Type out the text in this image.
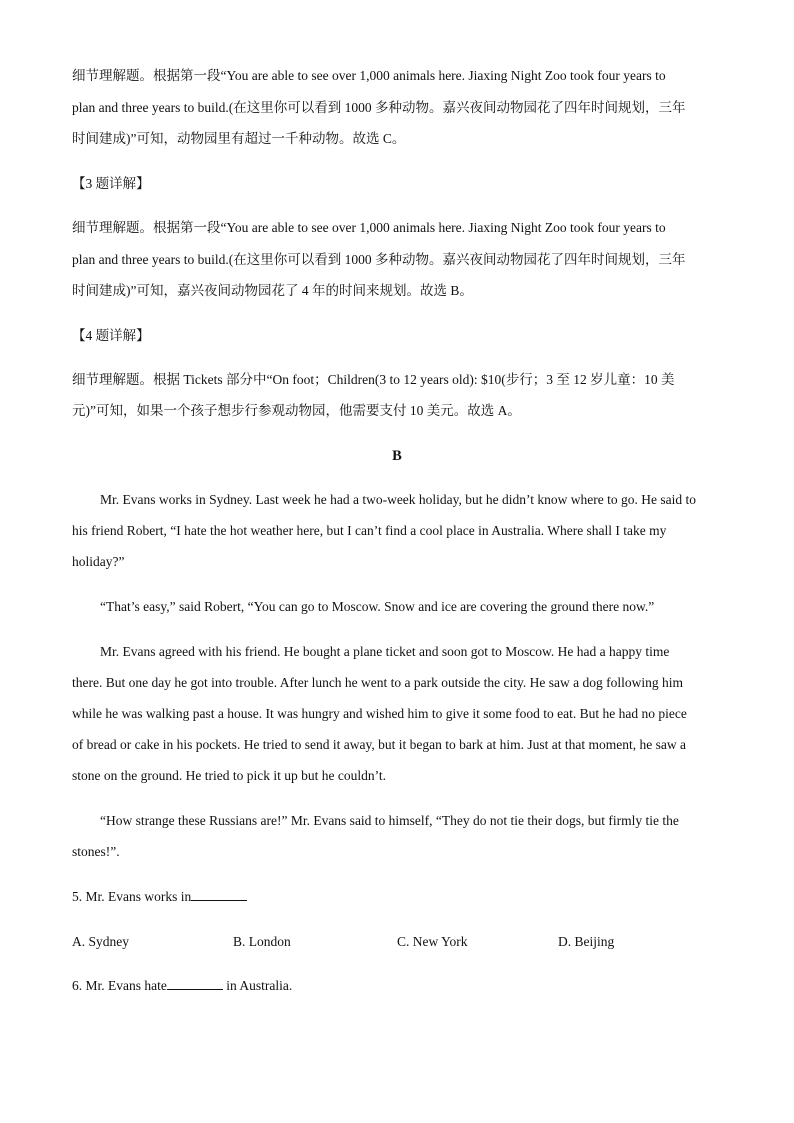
细节理解题。根据第一段“You are able to see over 1,000 animals here. Jiaxing Night Zoo took four years to
plan and three years to build.(在这里你可以看到 1000 多种动物。嘉兴夜间动物园花了四年时间规划，三年
时间建成)”可知，动物园里有超过一千种动物。故选 C。
【3 题详解】
细节理解题。根据第一段“You are able to see over 1,000 animals here. Jiaxing Night Zoo took four years to
plan and three years to build.(在这里你可以看到 1000 多种动物。嘉兴夜间动物园花了四年时间规划，三年
时间建成)”可知，嘉兴夜间动物园花了 4 年的时间来规划。故选 B。
【4 题详解】
细节理解题。根据 Tickets 部分中“On foot；Children(3 to 12 years old): $10(步行；3 至 12 岁儿童：10 美
元)”可知，如果一个孩子想步行参观动物园，他需要支付 10 美元。故选 A。
B
Mr. Evans works in Sydney. Last week he had a two-week holiday, but he didn’t know where to go. He said to
his friend Robert, “I hate the hot weather here, but I can’t find a cool place in Australia. Where shall I take my
holiday?”
“That’s easy,” said Robert, “You can go to Moscow. Snow and ice are covering the ground there now.”
Mr. Evans agreed with his friend. He bought a plane ticket and soon got to Moscow. He had a happy time
there. But one day he got into trouble. After lunch he went to a park outside the city. He saw a dog following him
while he was walking past a house. It was hungry and wished him to give it some food to eat. But he had no piece
of bread or cake in his pockets. He tried to send it away, but it began to bark at him. Just at that moment, he saw a
stone on the ground. He tried to pick it up but he couldn’t.
“How strange these Russians are!” Mr. Evans said to himself, “They do not tie their dogs, but firmly tie the
stones!”.
5. Mr. Evans works in
A. Sydney	B. London	C. New York	D. Beijing
6. Mr. Evans hate	in Australia.
